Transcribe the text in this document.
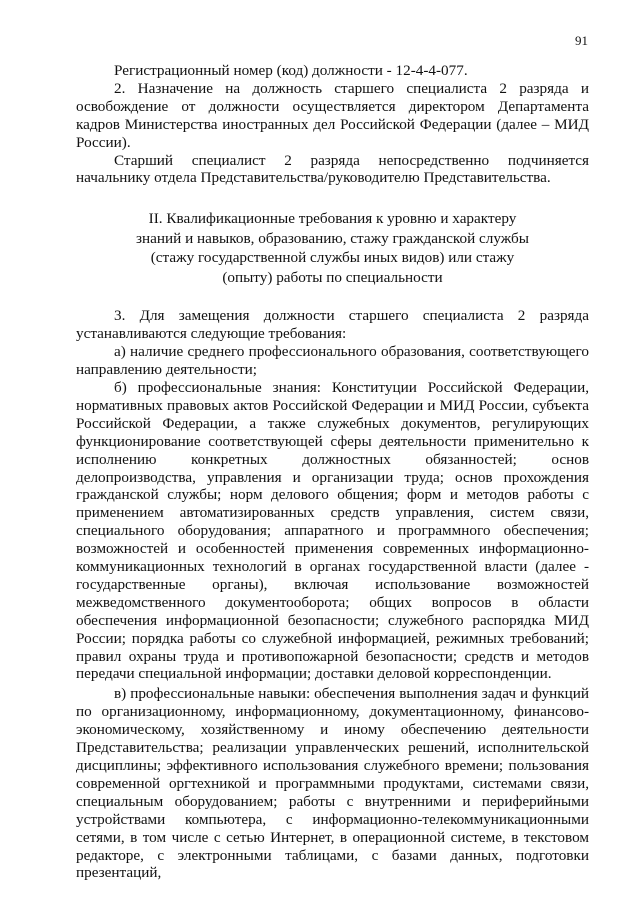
91

Регистрационный номер (код) должности - 12-4-4-077.

2. Назначение на должность старшего специалиста 2 разряда и освобождение от должности осуществляется директором Департамента кадров Министерства иностранных дел Российской Федерации (далее – МИД России).

Старший специалист 2 разряда непосредственно подчиняется начальнику отдела Представительства/руководителю Представительства.

II. Квалификационные требования к уровню и характеру
знаний и навыков, образованию, стажу гражданской службы
(стажу государственной службы иных видов) или стажу
(опыту) работы по специальности

3. Для замещения должности старшего специалиста 2 разряда устанавливаются следующие требования:

а) наличие среднего профессионального образования, соответствующего направлению деятельности;

б) профессиональные знания: Конституции Российской Федерации, нормативных правовых актов Российской Федерации и МИД России, субъекта Российской Федерации, а также служебных документов, регулирующих функционирование соответствующей сферы деятельности применительно к исполнению конкретных должностных обязанностей; основ делопроизводства, управления и организации труда; основ прохождения гражданской службы; норм делового общения; форм и методов работы с применением автоматизированных средств управления, систем связи, специального оборудования; аппаратного и программного обеспечения; возможностей и особенностей применения современных информационно-коммуникационных технологий в органах государственной власти (далее - государственные органы), включая использование возможностей межведомственного документооборота; общих вопросов в области обеспечения информационной безопасности; служебного распорядка МИД России; порядка работы со служебной информацией, режимных требований; правил охраны труда и противопожарной безопасности; средств и методов передачи специальной информации; доставки деловой корреспонденции.

в) профессиональные навыки: обеспечения выполнения задач и функций по организационному, информационному, документационному, финансово-экономическому, хозяйственному и иному обеспечению деятельности Представительства; реализации управленческих решений, исполнительской дисциплины; эффективного использования служебного времени; пользования современной оргтехникой и программными продуктами, системами связи, специальным оборудованием; работы с внутренними и периферийными устройствами компьютера, с информационно-телекоммуникационными сетями, в том числе с сетью Интернет, в операционной системе, в текстовом редакторе, с электронными таблицами, с базами данных, подготовки презентаций,
